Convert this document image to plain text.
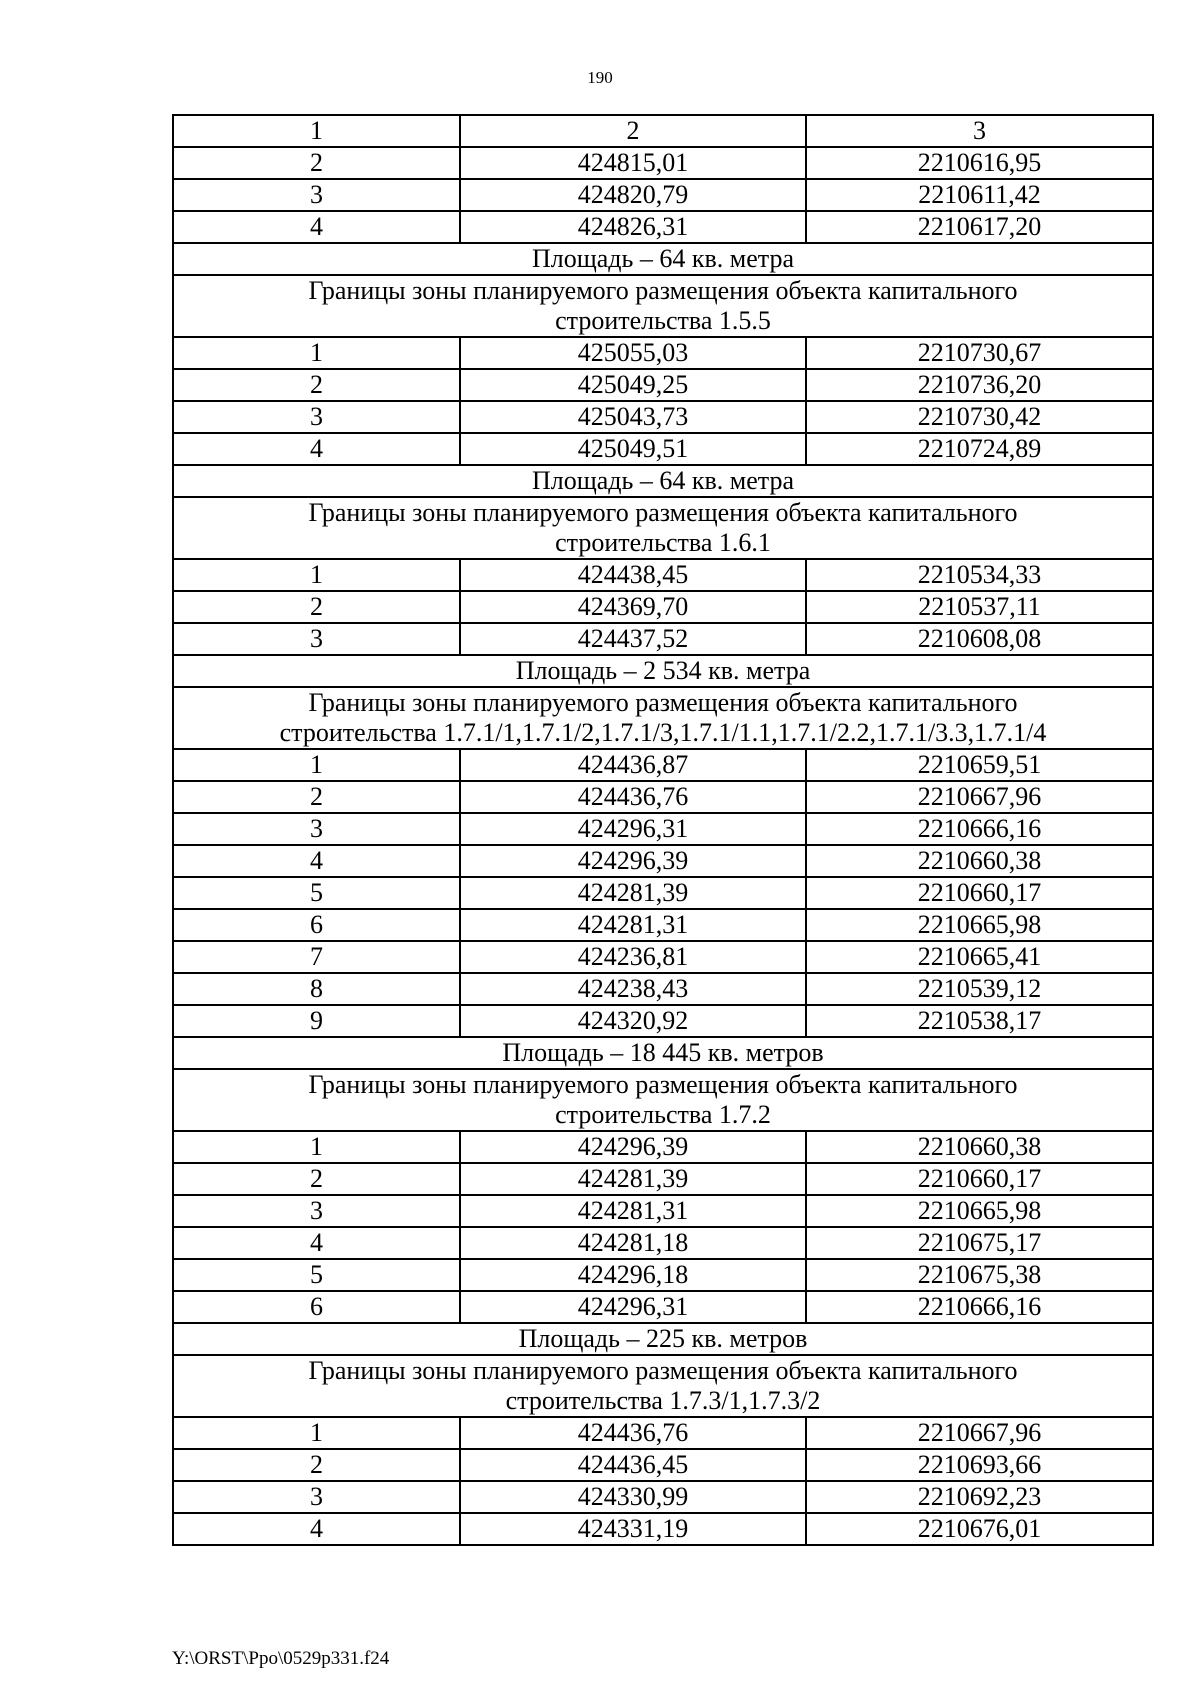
190
1	2	3
2	424815,01	2210616,95
3	424820,79	2210611,42
4	424826,31	2210617,20
Площадь – 64 кв. метра		

Границы зоны планируемого размещения объекта капитального
строительства 1.5.5		

1	425055,03	2210730,67
2	425049,25	2210736,20
3	425043,73	2210730,42
4	425049,51	2210724,89
Площадь – 64 кв. метра		

Границы зоны планируемого размещения объекта капитального
строительства 1.6.1		

1	424438,45	2210534,33
2	424369,70	2210537,11
3	424437,52	2210608,08
Площадь – 2 534 кв. метра		

Границы зоны планируемого размещения объекта капитального
строительства 1.7.1/1,1.7.1/2,1.7.1/3,1.7.1/1.1,1.7.1/2.2,1.7.1/3.3,1.7.1/4		

1	424436,87	2210659,51
2	424436,76	2210667,96
3	424296,31	2210666,16
4	424296,39	2210660,38
5	424281,39	2210660,17
6	424281,31	2210665,98
7	424236,81	2210665,41
8	424238,43	2210539,12
9	424320,92	2210538,17
Площадь – 18 445 кв. метров		

Границы зоны планируемого размещения объекта капитального
строительства 1.7.2		

1	424296,39	2210660,38
2	424281,39	2210660,17
3	424281,31	2210665,98
4	424281,18	2210675,17
5	424296,18	2210675,38
6	424296,31	2210666,16
Площадь – 225 кв. метров		

Границы зоны планируемого размещения объекта капитального
строительства 1.7.3/1,1.7.3/2		

1	424436,76	2210667,96
2	424436,45	2210693,66
3	424330,99	2210692,23
4	424331,19	2210676,01
Y:\ORST\Ppo\0529p331.f24
